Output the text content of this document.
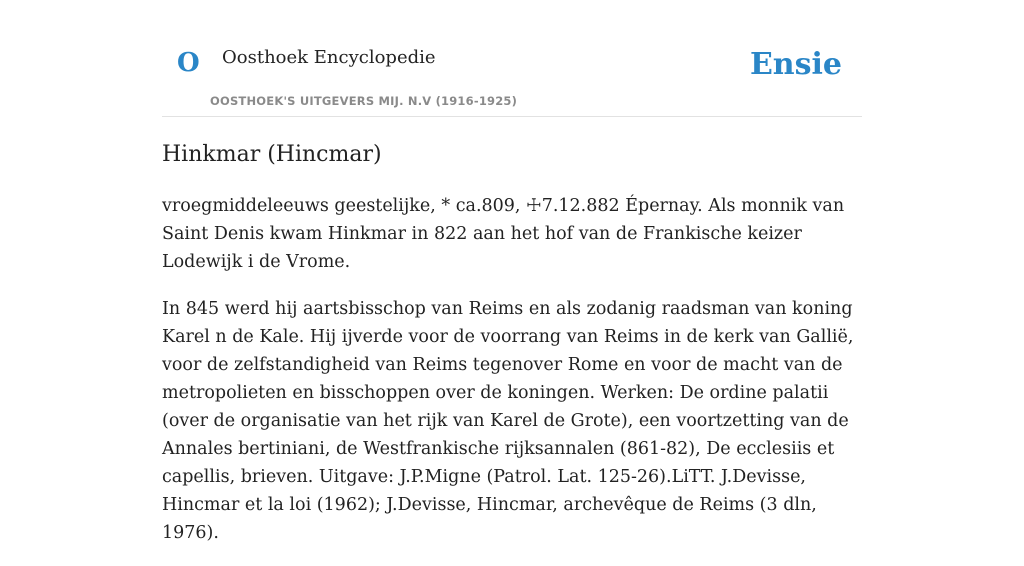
O Oosthoek Encyclopedie
OOSTHOEK'S UITGEVERS MIJ. N.V (1916-1925)
Ensie
Hinkmar (Hincmar)

vroegmiddeleeuws geestelijke, * ca.809, ☩7.12.882 Épernay. Als monnik van Saint Denis kwam Hinkmar in 822 aan het hof van de Frankische keizer Lodewijk i de Vrome.

In 845 werd hij aartsbisschop van Reims en als zodanig raadsman van koning Karel n de Kale. Hij ijverde voor de voorrang van Reims in de kerk van Gallië, voor de zelfstandigheid van Reims tegenover Rome en voor de macht van de metropolieten en bisschoppen over de koningen. Werken: De ordine palatii (over de organisatie van het rijk van Karel de Grote), een voortzetting van de Annales bertiniani, de Westfrankische rijksannalen (861-82), De ecclesiis et capellis, brieven. Uitgave: J.P.Migne (Patrol. Lat. 125-26).LiTT. J.Devisse, Hincmar et la loi (1962); J.Devisse, Hincmar, archevêque de Reims (3 dln, 1976).
